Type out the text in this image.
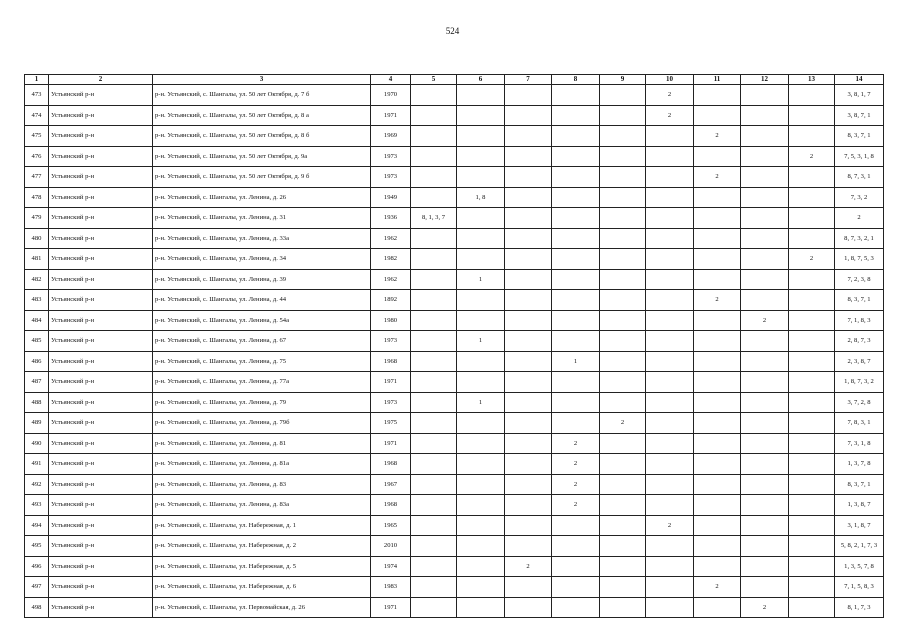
524
1	2	3	4	5	6	7	8	9	10	11	12	13	14
473	Устьянский р-н	р-н. Устьянский, с. Шангалы, ул. 50 лет Октября, д. 7 б	1970						2				3, 8, 1, 7
474	Устьянский р-н	р-н. Устьянский, с. Шангалы, ул. 50 лет Октября, д. 8 а	1971						2				3, 8, 7, 1
475	Устьянский р-н	р-н. Устьянский, с. Шангалы, ул. 50 лет Октября, д. 8 б	1969							2			8, 3, 7, 1
476	Устьянский р-н	р-н. Устьянский, с. Шангалы, ул. 50 лет Октября, д. 9а	1973									2	7, 5, 3, 1, 8
477	Устьянский р-н	р-н. Устьянский, с. Шангалы, ул. 50 лет Октября, д. 9 б	1973							2			8, 7, 3, 1
478	Устьянский р-н	р-н. Устьянский, с. Шангалы, ул. Ленина, д. 26	1949		1, 8								7, 3, 2
479	Устьянский р-н	р-н. Устьянский, с. Шангалы, ул. Ленина, д. 31	1936	8, 1, 3, 7									2
480	Устьянский р-н	р-н. Устьянский, с. Шангалы, ул. Ленина, д. 33а	1962										8, 7, 3, 2, 1
481	Устьянский р-н	р-н. Устьянский, с. Шангалы, ул. Ленина, д. 34	1982									2	1, 8, 7, 5, 3
482	Устьянский р-н	р-н. Устьянский, с. Шангалы, ул. Ленина, д. 39	1962		1								7, 2, 3, 8
483	Устьянский р-н	р-н. Устьянский, с. Шангалы, ул. Ленина, д. 44	1892							2			8, 3, 7, 1
484	Устьянский р-н	р-н. Устьянский, с. Шангалы, ул. Ленина, д. 54а	1980								2		7, 1, 8, 3
485	Устьянский р-н	р-н. Устьянский, с. Шангалы, ул. Ленина, д. 67	1973		1								2, 8, 7, 3
486	Устьянский р-н	р-н. Устьянский, с. Шангалы, ул. Ленина, д. 75	1968				1						2, 3, 8, 7
487	Устьянский р-н	р-н. Устьянский, с. Шангалы, ул. Ленина, д. 77а	1971										1, 8, 7, 3, 2
488	Устьянский р-н	р-н. Устьянский, с. Шангалы, ул. Ленина, д. 79	1973		1								3, 7, 2, 8
489	Устьянский р-н	р-н. Устьянский, с. Шангалы, ул. Ленина, д. 79б	1975					2					7, 8, 3, 1
490	Устьянский р-н	р-н. Устьянский, с. Шангалы, ул. Ленина, д. 81	1971				2						7, 3, 1, 8
491	Устьянский р-н	р-н. Устьянский, с. Шангалы, ул. Ленина, д. 81а	1968				2						1, 3, 7, 8
492	Устьянский р-н	р-н. Устьянский, с. Шангалы, ул. Ленина, д. 83	1967				2						8, 3, 7, 1
493	Устьянский р-н	р-н. Устьянский, с. Шангалы, ул. Ленина, д. 83а	1968				2						1, 3, 8, 7
494	Устьянский р-н	р-н. Устьянский, с. Шангалы, ул. Набережная, д. 1	1965						2				3, 1, 8, 7
495	Устьянский р-н	р-н. Устьянский, с. Шангалы, ул. Набережная, д. 2	2010										5, 8, 2, 1, 7, 3
496	Устьянский р-н	р-н. Устьянский, с. Шангалы, ул. Набережная, д. 5	1974			2							1, 3, 5, 7, 8
497	Устьянский р-н	р-н. Устьянский, с. Шангалы, ул. Набережная, д. 6	1983							2			7, 1, 5, 8, 3
498	Устьянский р-н	р-н. Устьянский, с. Шангалы, ул. Первомайская, д. 26	1971								2		8, 1, 7, 3
